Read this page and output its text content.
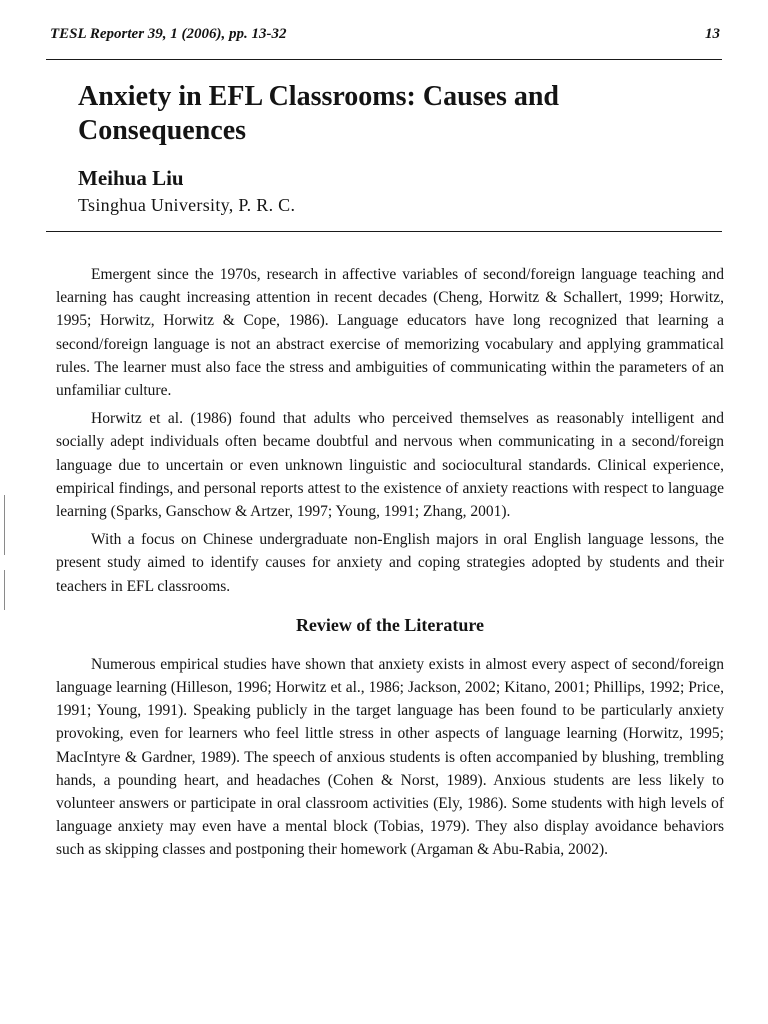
TESL Reporter 39, 1 (2006), pp. 13-32	13
Anxiety in EFL Classrooms: Causes and Consequences
Meihua Liu
Tsinghua University, P. R. C.

Emergent since the 1970s, research in affective variables of second/foreign language teaching and learning has caught increasing attention in recent decades (Cheng, Horwitz & Schallert, 1999; Horwitz, 1995; Horwitz, Horwitz & Cope, 1986). Language educators have long recognized that learning a second/foreign language is not an abstract exercise of memorizing vocabulary and applying grammatical rules. The learner must also face the stress and ambiguities of communicating within the parameters of an unfamiliar culture.

Horwitz et al. (1986) found that adults who perceived themselves as reasonably intelligent and socially adept individuals often became doubtful and nervous when communicating in a second/foreign language due to uncertain or even unknown linguistic and sociocultural standards. Clinical experience, empirical findings, and personal reports attest to the existence of anxiety reactions with respect to language learning (Sparks, Ganschow & Artzer, 1997; Young, 1991; Zhang, 2001).

With a focus on Chinese undergraduate non-English majors in oral English language lessons, the present study aimed to identify causes for anxiety and coping strategies adopted by students and their teachers in EFL classrooms.

Review of the Literature

Numerous empirical studies have shown that anxiety exists in almost every aspect of second/foreign language learning (Hilleson, 1996; Horwitz et al., 1986; Jackson, 2002; Kitano, 2001; Phillips, 1992; Price, 1991; Young, 1991). Speaking publicly in the target language has been found to be particularly anxiety provoking, even for learners who feel little stress in other aspects of language learning (Horwitz, 1995; MacIntyre & Gardner, 1989). The speech of anxious students is often accompanied by blushing, trembling hands, a pounding heart, and headaches (Cohen & Norst, 1989). Anxious students are less likely to volunteer answers or participate in oral classroom activities (Ely, 1986). Some students with high levels of language anxiety may even have a mental block (Tobias, 1979). They also display avoidance behaviors such as skipping classes and postponing their homework (Argaman & Abu-Rabia, 2002).
